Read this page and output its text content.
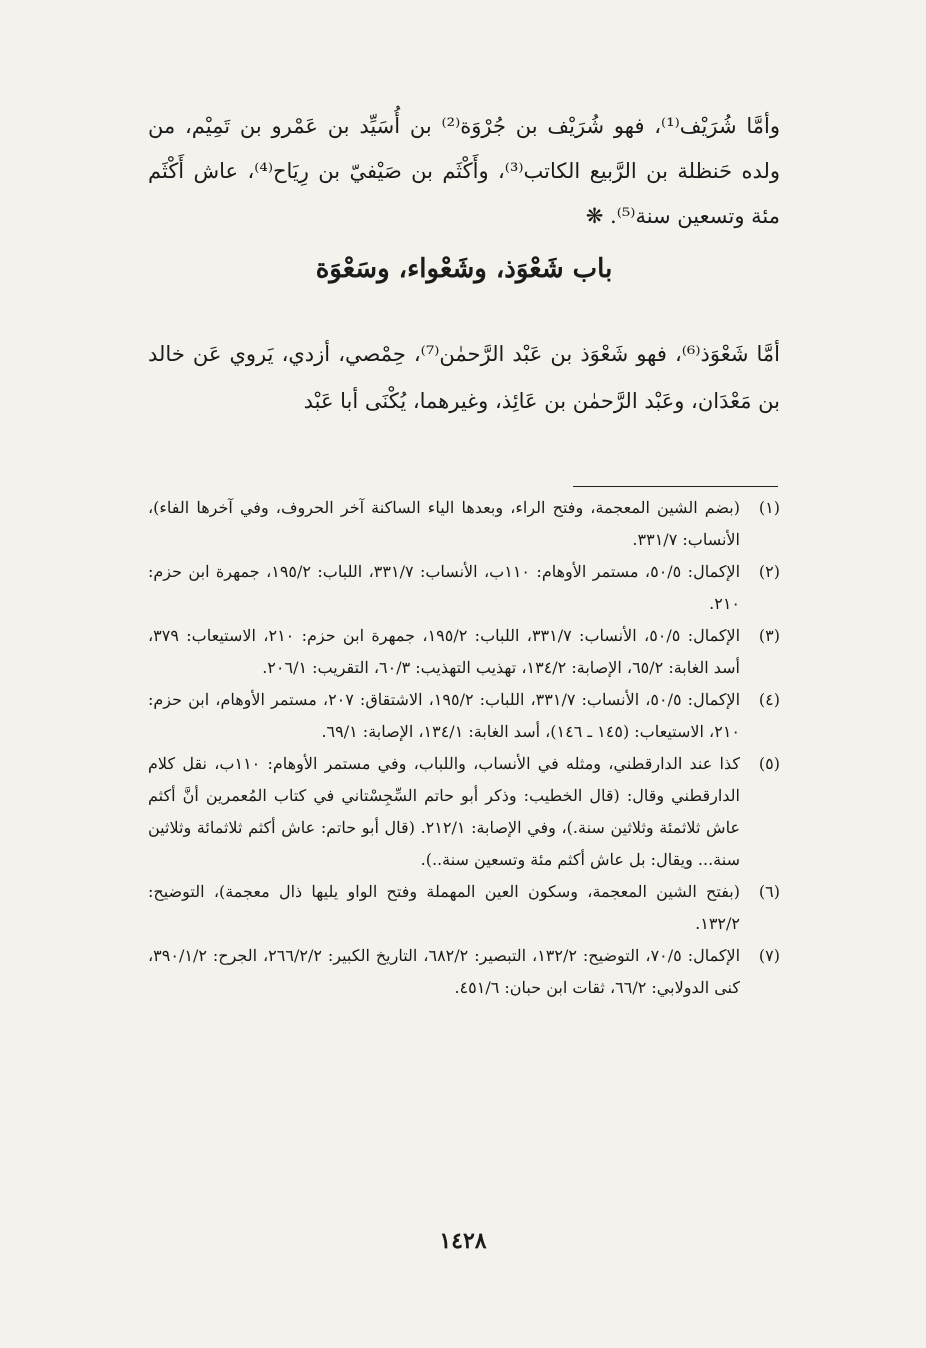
وأمَّا شُرَيْف⁽¹⁾، فهو شُرَيْف بن جُرْوَة⁽²⁾ بن أُسَيِّد بن عَمْرو بن تَمِيْم، من ولده حَنظلة بن الرَّبيع الكاتب⁽³⁾، وأَكْثَم بن صَيْفيّ بن رِيَاح⁽⁴⁾، عاش أَكْثَم مئة وتسعين سنة⁽⁵⁾. ❋

باب شَعْوَذ، وشَعْواء، وسَعْوَة

أمَّا شَعْوَذ⁽⁶⁾، فهو شَعْوَذ بن عَبْد الرَّحمٰن⁽⁷⁾، حِمْصي، أزدي، يَروي عَن خالد بن مَعْدَان، وعَبْد الرَّحمٰن بن عَائِذ، وغيرهما، يُكْنَى أبا عَبْد

(١)
(بضم الشين المعجمة، وفتح الراء، وبعدها الياء الساكنة آخر الحروف، وفي آخرها الفاء)، الأنساب: ٣٣١/٧.
(٢)
الإكمال: ٥٠/٥، مستمر الأوهام: ١١٠ب، الأنساب: ٣٣١/٧، اللباب: ١٩٥/٢، جمهرة ابن حزم: ٢١٠.
(٣)
الإكمال: ٥٠/٥، الأنساب: ٣٣١/٧، اللباب: ١٩٥/٢، جمهرة ابن حزم: ٢١٠، الاستيعاب: ٣٧٩، أسد الغابة: ٦٥/٢، الإصابة: ١٣٤/٢، تهذيب التهذيب: ٦٠/٣، التقريب: ٢٠٦/١.
(٤)
الإكمال: ٥٠/٥، الأنساب: ٣٣١/٧، اللباب: ١٩٥/٢، الاشتقاق: ٢٠٧، مستمر الأوهام، ابن حزم: ٢١٠، الاستيعاب: (١٤٥ ـ ١٤٦)، أسد الغابة: ١٣٤/١، الإصابة: ٦٩/١.
(٥)
كذا عند الدارقطني، ومثله في الأنساب، واللباب، وفي مستمر الأوهام: ١١٠ب، نقل كلام الدارقطني وقال: (قال الخطيب: وذكر أبو حاتم السِّجِسْتاني في كتاب المُعمرين أنَّ أكثم عاش ثلاثمئة وثلاثين سنة.)، وفي الإصابة: ٢١٢/١. (قال أبو حاتم: عاش أكثم ثلاثمائة وثلاثين سنة... ويقال: بل عاش أكثم مئة وتسعين سنة..).
(٦)
(بفتح الشين المعجمة، وسكون العين المهملة وفتح الواو يليها ذال معجمة)، التوضيح: ١٣٢/٢.
(٧)
الإكمال: ٧٠/٥، التوضيح: ١٣٢/٢، التبصير: ٦٨٢/٢، التاريخ الكبير: ٢٦٦/٢/٢، الجرح: ٣٩٠/١/٢، كنى الدولابي: ٦٦/٢، ثقات ابن حبان: ٤٥١/٦.
١٤٢٨
